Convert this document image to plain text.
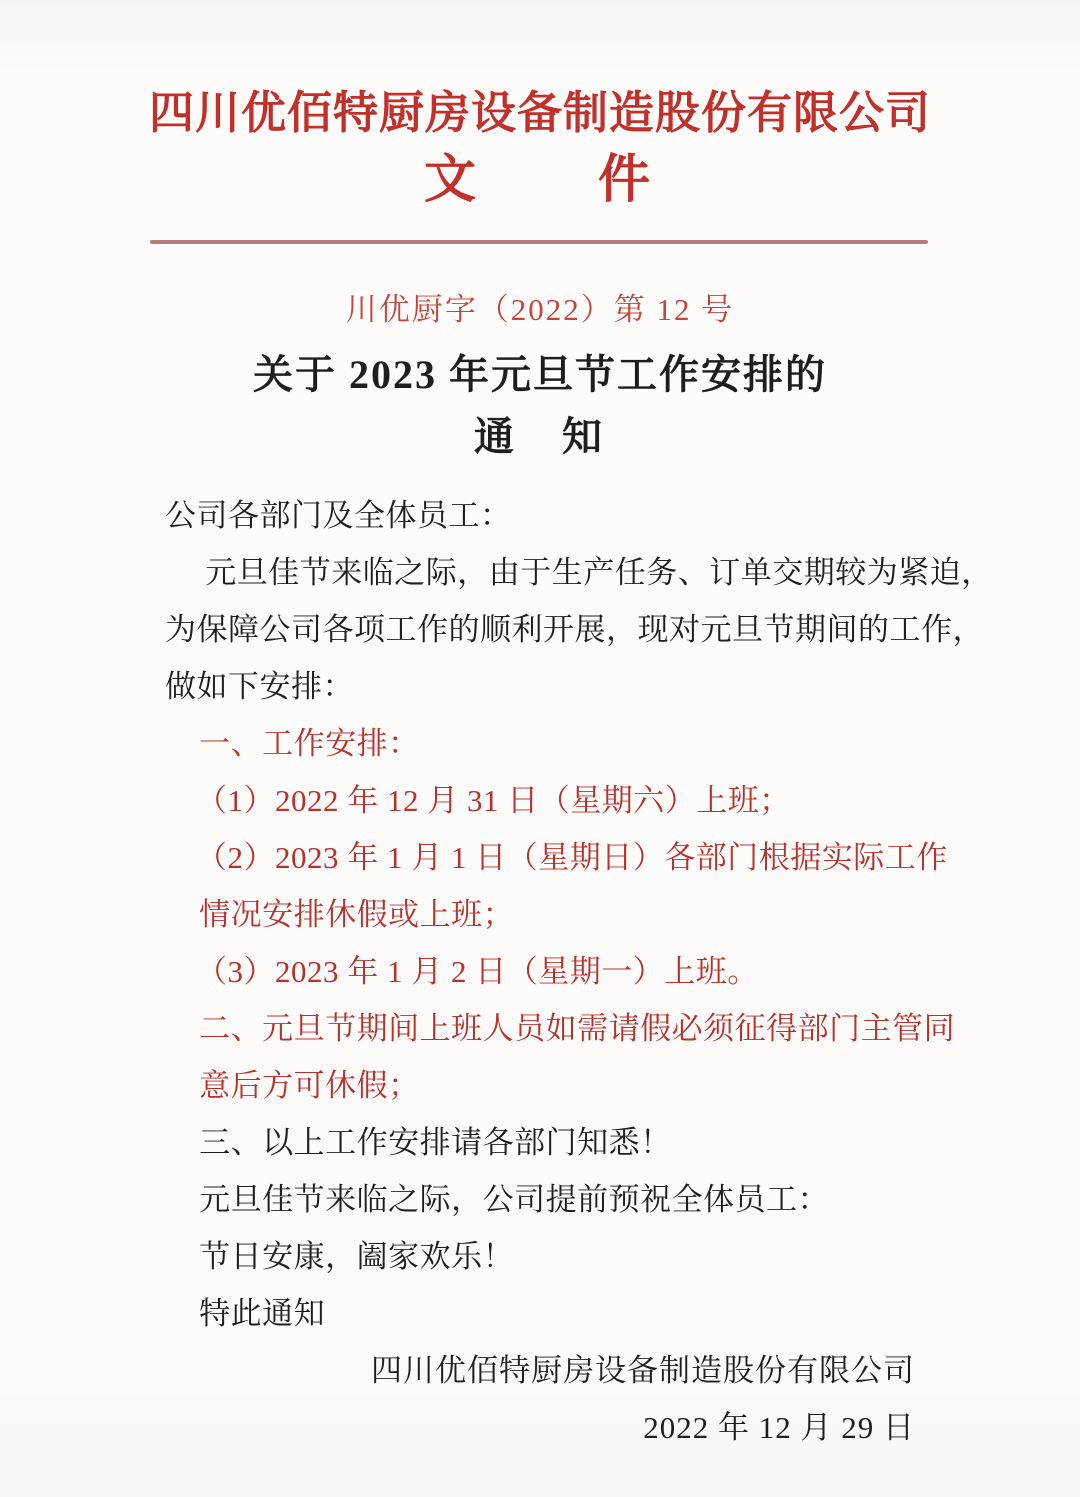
四川优佰特厨房设备制造股份有限公司
文　　件
川优厨字（2022）第 12 号
关于 2023 年元旦节工作安排的
通　知
公司各部门及全体员工：
元旦佳节来临之际，由于生产任务、订单交期较为紧迫，
为保障公司各项工作的顺利开展，现对元旦节期间的工作，
做如下安排：
一、工作安排：
（1）2022 年 12 月 31 日（星期六）上班；
（2）2023 年 1 月 1 日（星期日）各部门根据实际工作
情况安排休假或上班；
（3）2023 年 1 月 2 日（星期一）上班。
二、元旦节期间上班人员如需请假必须征得部门主管同
意后方可休假；
三、以上工作安排请各部门知悉！
元旦佳节来临之际，公司提前预祝全体员工：
节日安康，阖家欢乐！
特此通知
四川优佰特厨房设备制造股份有限公司
2022 年 12 月 29 日
